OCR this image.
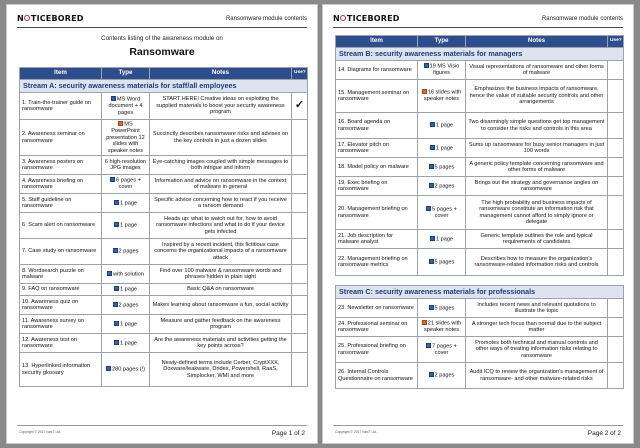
N TICEBORED	Ransomware module contents
Contents listing of the awareness module on
Ransomware
Item	Type	Notes	Use?
Stream A: security awareness materials for staff/all employees			
1. Train-the-trainer guide on ransomware	MS Word document + 4 pages	START HERE! Creative ideas on exploiting the supplied materials to boost your security awareness program	✓
2. Awareness seminar on ransomware	MS PowerPoint presentation 12 slides with speaker notes	Succinctly describes ransomware risks and advises on the key controls in just a dozen slides	
3. Awareness posters on ransomware	6 high-resolution JPG images	Eye-catching images coupled with simple messages to both intrigue and inform	
4. Awareness briefing on ransomware	6 pages + cover	Information and advice on ransomware in the context of malware in general	
5. Staff guideline on ransomware	1 page	Specific advice concerning how to react if you receive a ransom demand	
6. Scam alert on ransomware	1 page	Heads up: what to watch out for, how to avoid ransomware infections and what to do if your device gets infected	
7. Case study on ransomware	2 pages	Inspired by a recent incident, this fictitious case concerns the organizational impacts of a ransomware attack	
8. Wordsearch puzzle on malware	with solution	Find over 100 malware & ransomware words and phrases hidden in plain sight	
9. FAQ on ransomware	1 page	Basic Q&A on ransomware	
10. Awareness quiz on ransomware	2 pages	Makes learning about ransomware a fun, social activity	
11. Awareness survey on ransomware	1 page	Measure and gather feedback on the awareness program	
12. Awareness test on ransomware	1 page	Are the awareness materials and activities getting the key points across?	
13. Hyperlinked information security glossary	280 pages (!)	Newly-defined terms include Cerber, CryptXXX, Doxware/leakware, Dridex, Powershell, RaaS, Simplocker, WMI and more	
Copyright © 2017 IsecT Ltd.	Page 1 of 2
N TICEBORED	Ransomware module contents
Item	Type	Notes	Use?
Stream B: security awareness materials for managers			
14. Diagrams for ransomware	19 MS Visio figures	Visual representations of ransomware and other forms of malware	
15. Management seminar on ransomware	16 slides with speaker notes	Emphasizes the business impacts of ransomware, hence the value of suitable security controls and other arrangements	
16. Board agenda on ransomware	1 page	Two disarmingly simple questions get top management to consider the risks and controls in this area	
17. Elevator pitch on ransomware	1 page	Sums up ransomware for busy senior managers in just 100 words	
18. Model policy on malware	5 pages	A generic policy template concerning ransomware and other forms of malware	
19. Exec briefing on ransomware	2 pages	Brings out the strategy and governance angles on ransomware	
20. Management briefing on ransomware	5 pages + cover	The high probability and business impacts of ransomware constitute an information risk that management cannot afford to simply ignore or delegate	
21. Job description for malware analyst	1 page	Generic template outlines the role and typical requirements of candidates	
22. Management briefing on ransomware metrics	5 pages	Describes how to measure the organization's ransomware-related information risks and controls	

Stream C: security awareness materials for professionals			
23. Newsletter on ransomware	5 pages	Includes recent news and relevant quotations to illustrate the topic	
24. Professional seminar on ransomware	21 slides with speaker notes	A stronger tech focus than normal due to the subject matter	
25. Professional briefing on ransomware	7 pages + cover	Promotes both technical and manual controls and other ways of treating information risks relating to ransomware	
26. Internal Controls Questionnaire on ransomware	2 pages	Audit ICQ to review the organization's management of ransomware- and other malware-related risks	
Copyright © 2017 IsecT Ltd.	Page 2 of 2
